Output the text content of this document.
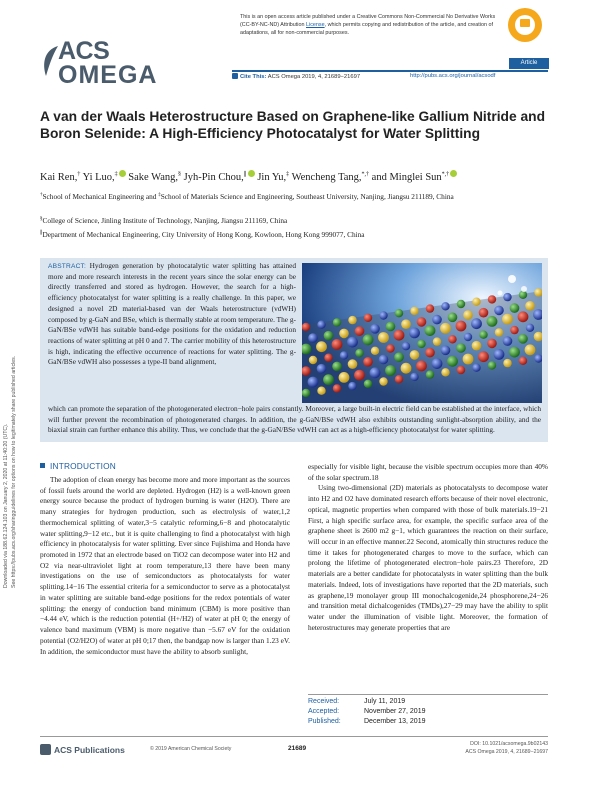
ACS
OMEGA
This is an open access article published under a Creative Commons Non-Commercial No Derivative Works (CC-BY-NC-ND) Attribution License, which permits copying and redistribution of the article, and creation of adaptations, all for non-commercial purposes.
Article
Cite This: ACS Omega 2019, 4, 21689−21697	http://pubs.acs.org/journal/acsodf
Downloaded via 188.62.124.103 on January 2, 2020 at 11:40:20 (UTC). See https://pubs.acs.org/sharingguidelines for options on how to legitimately share published articles.
A van der Waals Heterostructure Based on Graphene-like Gallium Nitride and Boron Selenide: A High-Efficiency Photocatalyst for Water Splitting
Kai Ren,† Yi Luo,‡ Sake Wang,§ Jyh-Pin Chou,∥ Jin Yu,‡ Wencheng Tang,*,† and Minglei Sun*,†
†School of Mechanical Engineering and ‡School of Materials Science and Engineering, Southeast University, Nanjing, Jiangsu 211189, China
§College of Science, Jinling Institute of Technology, Nanjing, Jiangsu 211169, China
∥Department of Mechanical Engineering, City University of Hong Kong, Kowloon, Hong Kong 999077, China
ABSTRACT: Hydrogen generation by photocatalytic water splitting has attained more and more research interests in the recent years since the solar energy can be directly transferred and stored as hydrogen. However, the search for a high-efficiency photocatalyst for water splitting is a really challenge. In this paper, we designed a novel 2D material-based van der Waals heterostructure (vdWH) composed by g-GaN and BSe, which is thermally stable at room temperature. The g-GaN/BSe vdWH has suitable band-edge positions for the oxidation and reduction reactions of water splitting at pH 0 and 7. The carrier mobility of this heterostructure is high, indicating the effective occurrence of reactions for water splitting. The g-GaN/BSe vdWH also possesses a type-II band alignment,
which can promote the separation of the photogenerated electron−hole pairs constantly. Moreover, a large built-in electric field can be established at the interface, which will further prevent the recombination of photogenerated charges. In addition, the g-GaN/BSe vdWH also exhibits outstanding sunlight-absorption ability, and the biaxial strain can further enhance this ability. Thus, we conclude that the g-GaN/BSe vdWH can act as a high-efficiency photocatalyst for water splitting.
INTRODUCTION

The adoption of clean energy has become more and more important as the sources of fossil fuels around the world are depleted. Hydrogen (H2) is a well-known green energy source because the product of hydrogen burning is water (H2O). There are many strategies for hydrogen production, such as electrolysis of water,1,2 thermochemical splitting of water,3−5 catalytic reforming,6−8 and photocatalytic water splitting,9−12 etc., but it is quite challenging to find a photocatalyst with high efficiency in photocatalysis for water splitting. Ever since Fujishima and Honda have promoted in 1972 that an electrode based on TiO2 can decompose water into H2 and O2 via near-ultraviolet light at room temperature,13 there have been many investigations on the use of semiconductors as photocatalysts for water splitting.14−16 The essential criteria for a semiconductor to serve as a photocatalyst in water splitting are suitable band-edge positions for the redox potentials of water splitting: the energy of conduction band minimum (CBM) is more positive than −4.44 eV, which is the reduction potential (H+/H2) of water at pH 0; the energy of valence band maximum (VBM) is more negative than −5.67 eV for the oxidation potential (O2/H2O) of water at pH 0;17 then, the bandgap now is larger than 1.23 eV. In addition, the semiconductor must have the ability to absorb sunlight,

especially for visible light, because the visible spectrum occupies more than 40% of the solar spectrum.18

Using two-dimensional (2D) materials as photocatalysts to decompose water into H2 and O2 have dominated research efforts because of their novel electronic, optical, magnetic properties when compared with those of bulk materials.19−21 First, a high specific surface area, for example, the specific surface area of the graphene sheet is 2600 m2 g−1, which guarantees the reaction on their surface, will occur in an effective manner.22 Second, atomically thin structures reduce the time it takes for photogenerated charges to move to the surface, which can prolong the lifetime of photogenerated electron−hole pairs.23 Therefore, 2D materials are a better candidate for photocatalysts in water splitting than the bulk materials. Indeed, lots of investigations have reported that the 2D materials, such as graphene,19 monolayer group III monochalcogenide,24 phosphorene,24−26 and transition metal dichalcogenides (TMDs),27−29 may have the ability to split water under the illumination of visible light. Moreover, the formation of heterostructures may generate properties that are

Received:	July 11, 2019
Accepted:	November 27, 2019
Published:	December 13, 2019
ACS Publications	© 2019 American Chemical Society	21689
DOI: 10.1021/acsomega.9b02143
ACS Omega 2019, 4, 21689−21697
